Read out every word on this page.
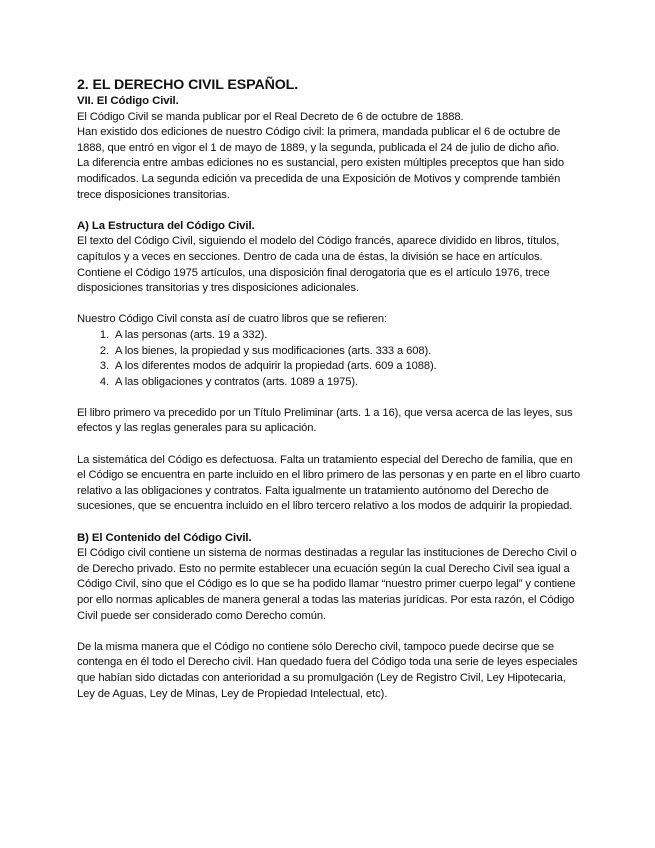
2. EL DERECHO CIVIL ESPAÑOL.

VII. El Código Civil.

El Código Civil se manda publicar por el Real Decreto de 6 de octubre de 1888.

Han existido dos ediciones de nuestro Código civil: la primera, mandada publicar el 6 de octubre de 1888, que entró en vigor el 1 de mayo de 1889, y la segunda, publicada el 24 de julio de dicho año.

La diferencia entre ambas ediciones no es sustancial, pero existen múltiples preceptos que han sido modificados. La segunda edición va precedida de una Exposición de Motivos y comprende también trece disposiciones transitorias.

A) La Estructura del Código Civil.

El texto del Código Civil, siguiendo el modelo del Código francés, aparece dividido en libros, títulos, capítulos y a veces en secciones. Dentro de cada una de éstas, la división se hace en artículos. Contiene el Código 1975 artículos, una disposición final derogatoria que es el artículo 1976, trece disposiciones transitorias y tres disposiciones adicionales.

Nuestro Código Civil consta así de cuatro libros que se refieren:

1. A las personas (arts. 19 a 332).
2. A los bienes, la propiedad y sus modificaciones (arts. 333 a 608).
3. A los diferentes modos de adquirir la propiedad (arts. 609 a 1088).
4. A las obligaciones y contratos (arts. 1089 a 1975).

El libro primero va precedido por un Título Preliminar (arts. 1 a 16), que versa acerca de las leyes, sus efectos y las reglas generales para su aplicación.

La sistemática del Código es defectuosa. Falta un tratamiento especial del Derecho de familia, que en el Código se encuentra en parte incluido en el libro primero de las personas y en parte en el libro cuarto relativo a las obligaciones y contratos. Falta igualmente un tratamiento autónomo del Derecho de sucesiones, que se encuentra incluido en el libro tercero relativo a los modos de adquirir la propiedad.

B) El Contenido del Código Civil.

El Código civil contiene un sistema de normas destinadas a regular las instituciones de Derecho Civil o de Derecho privado. Esto no permite establecer una ecuación según la cual Derecho Civil sea igual a Código Civil, sino que el Código es lo que se ha podido llamar “nuestro primer cuerpo legal” y contiene por ello normas aplicables de manera general a todas las materias jurídicas. Por esta razón, el Código Civil puede ser considerado como Derecho común.

De la misma manera que el Código no contiene sólo Derecho civil, tampoco puede decirse que se contenga en él todo el Derecho civil. Han quedado fuera del Código toda una serie de leyes especiales que habían sido dictadas con anterioridad a su promulgación (Ley de Registro Civil, Ley Hipotecaria, Ley de Aguas, Ley de Minas, Ley de Propiedad Intelectual, etc).
